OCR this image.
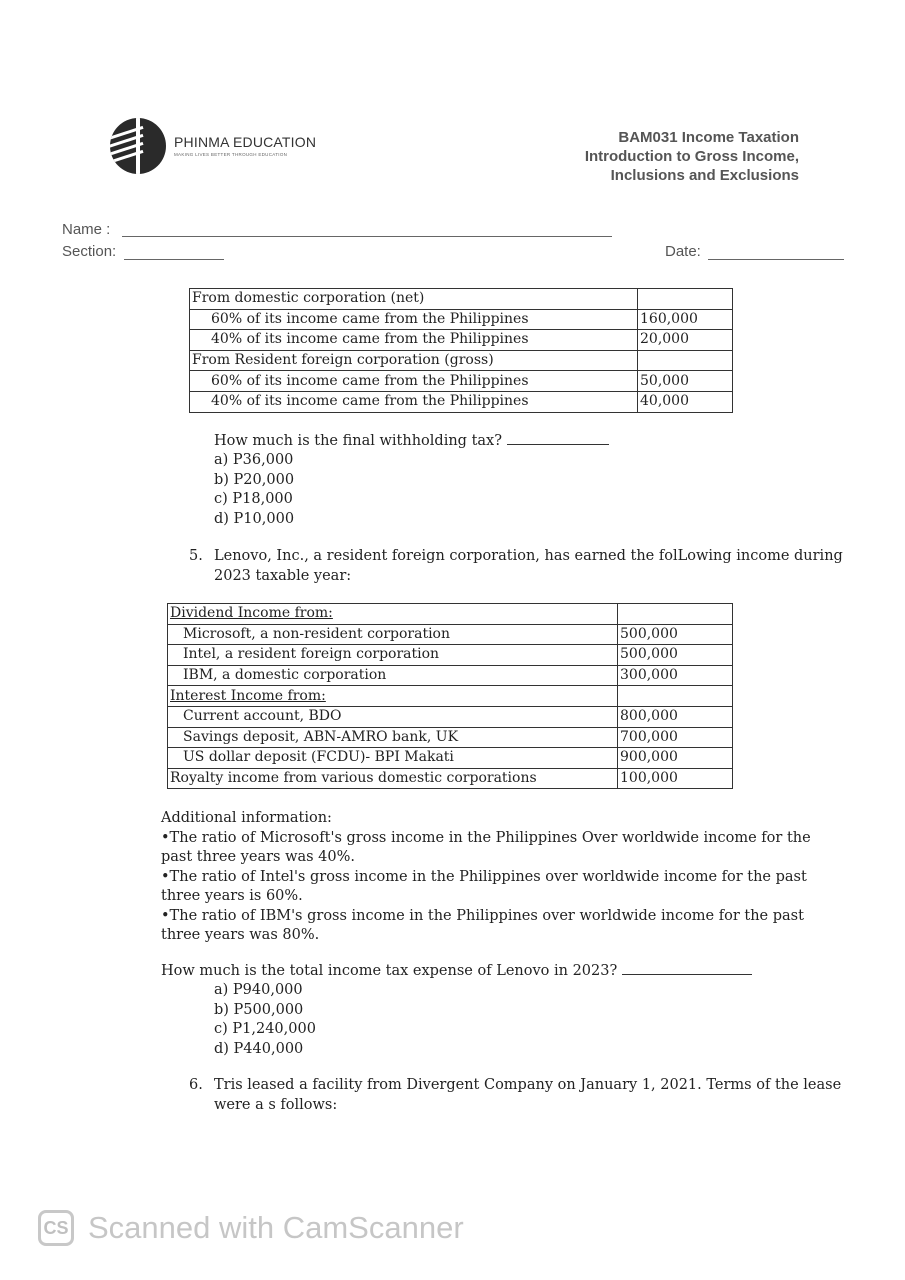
PHINMA EDUCATION
MAKING LIVES BETTER THROUGH EDUCATION
BAM031 Income Taxation
Introduction to Gross Income,
Inclusions and Exclusions
Name :
Section:	Date:
From domestic corporation (net)	
60% of its income came from the Philippines	160,000
40% of its income came from the Philippines	20,000
From Resident foreign corporation (gross)	
60% of its income came from the Philippines	50,000
40% of its income came from the Philippines	40,000
How much is the final withholding tax?
a) P36,000
b) P20,000
c) P18,000
d) P10,000
5. Lenovo, Inc., a resident foreign corporation, has earned the folLowing income during
2023 taxable year:
Dividend Income from:	
Microsoft, a non-resident corporation	500,000
Intel, a resident foreign corporation	500,000
IBM, a domestic corporation	300,000
Interest Income from:	
Current account, BDO	800,000
Savings deposit, ABN-AMRO bank, UK	700,000
US dollar deposit (FCDU)- BPI Makati	900,000
Royalty income from various domestic corporations	100,000
Additional information:
•The ratio of Microsoft's gross income in the Philippines Over worldwide income for the
past three years was 40%.
•The ratio of Intel's gross income in the Philippines over worldwide income for the past
three years is 60%.
•The ratio of IBM's gross income in the Philippines over worldwide income for the past
three years was 80%.
How much is the total income tax expense of Lenovo in 2023?
a) P940,000
b) P500,000
c) P1,240,000
d) P440,000
6. Tris leased a facility from Divergent Company on January 1, 2021. Terms of the lease
were a s follows:
CS Scanned with CamScanner
